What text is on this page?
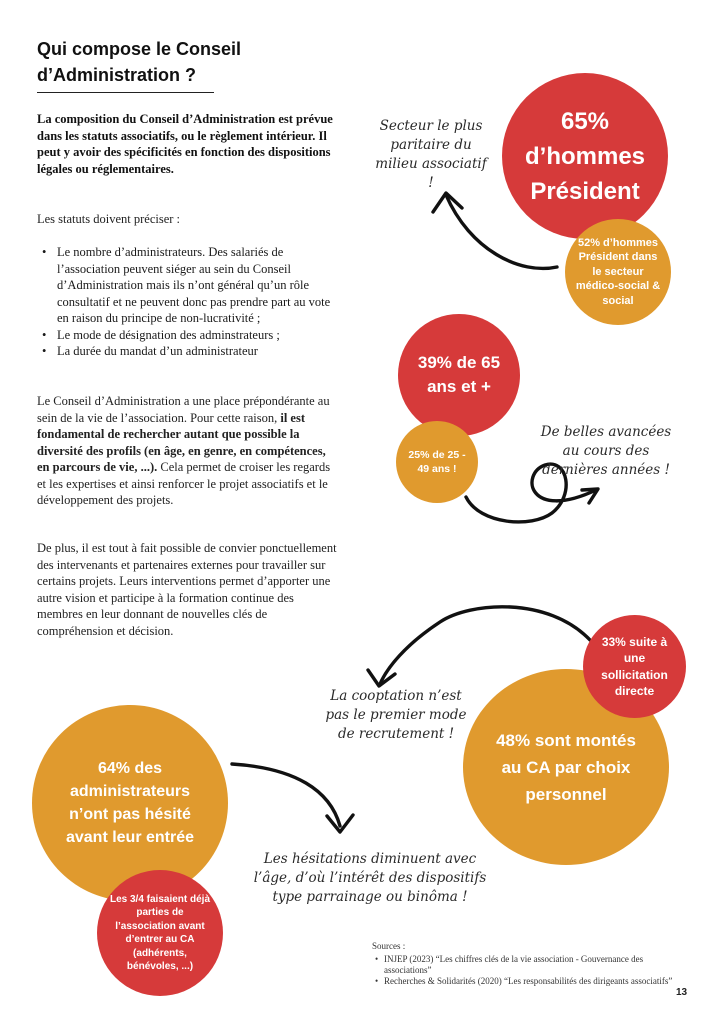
Qui compose le Conseil d’Administration ?

La composition du Conseil d’Administration est prévue dans les statuts associatifs, ou le règlement intérieur. Il peut y avoir des spécificités en fonction des dispositions légales ou réglementaires.

Les statuts doivent préciser :

• Le nombre d’administrateurs. Des salariés de l’association peuvent siéger au sein du Conseil d’Administration mais ils n’ont général qu’un rôle consultatif et ne peuvent donc pas prendre part au vote en raison du principe de non-lucrativité ;
• Le mode de désignation des adminstrateurs ;
• La durée du mandat d’un administrateur

Le Conseil d’Administration a une place prépondérante au sein de la vie de l’association. Pour cette raison, il est fondamental de rechercher autant que possible la diversité des profils (en âge, en genre, en compétences, en parcours de vie, ...). Cela permet de croiser les regards et les expertises et ainsi renforcer le projet associatifs et le développement des projets.

De plus, il est tout à fait possible de convier ponctuellement des intervenants et partenaires externes pour travailler sur certains projets. Leurs interventions permet d’apporter une autre vision et participe à la formation continue des membres en leur donnant de nouvelles clés de compréhension et décision.

65% d’hommes Président
52% d’hommes Président dans le secteur médico-social & social
39% de 65 ans et +
25% de 25 - 49 ans !
48% sont montés au CA par choix personnel
33% suite à une sollicitation directe
64% des administrateurs n’ont pas hésité avant leur entrée
Les 3/4 faisaient déjà parties de l’association avant d’entrer au CA (adhérents, bénévoles, ...)
Secteur le plus paritaire du milieu associatif !
De belles avancées au cours des dernières années !
La cooptation n’est pas le premier mode de recrutement !
Les hésitations diminuent avec l’âge, d’où l’intérêt des dispositifs type parrainage ou binôma !
Sources :
• INJEP (2023) “Les chiffres clés de la vie association - Gouvernance des associations”
• Recherches & Solidarités (2020) “Les responsabilités des dirigeants associatifs”
13
